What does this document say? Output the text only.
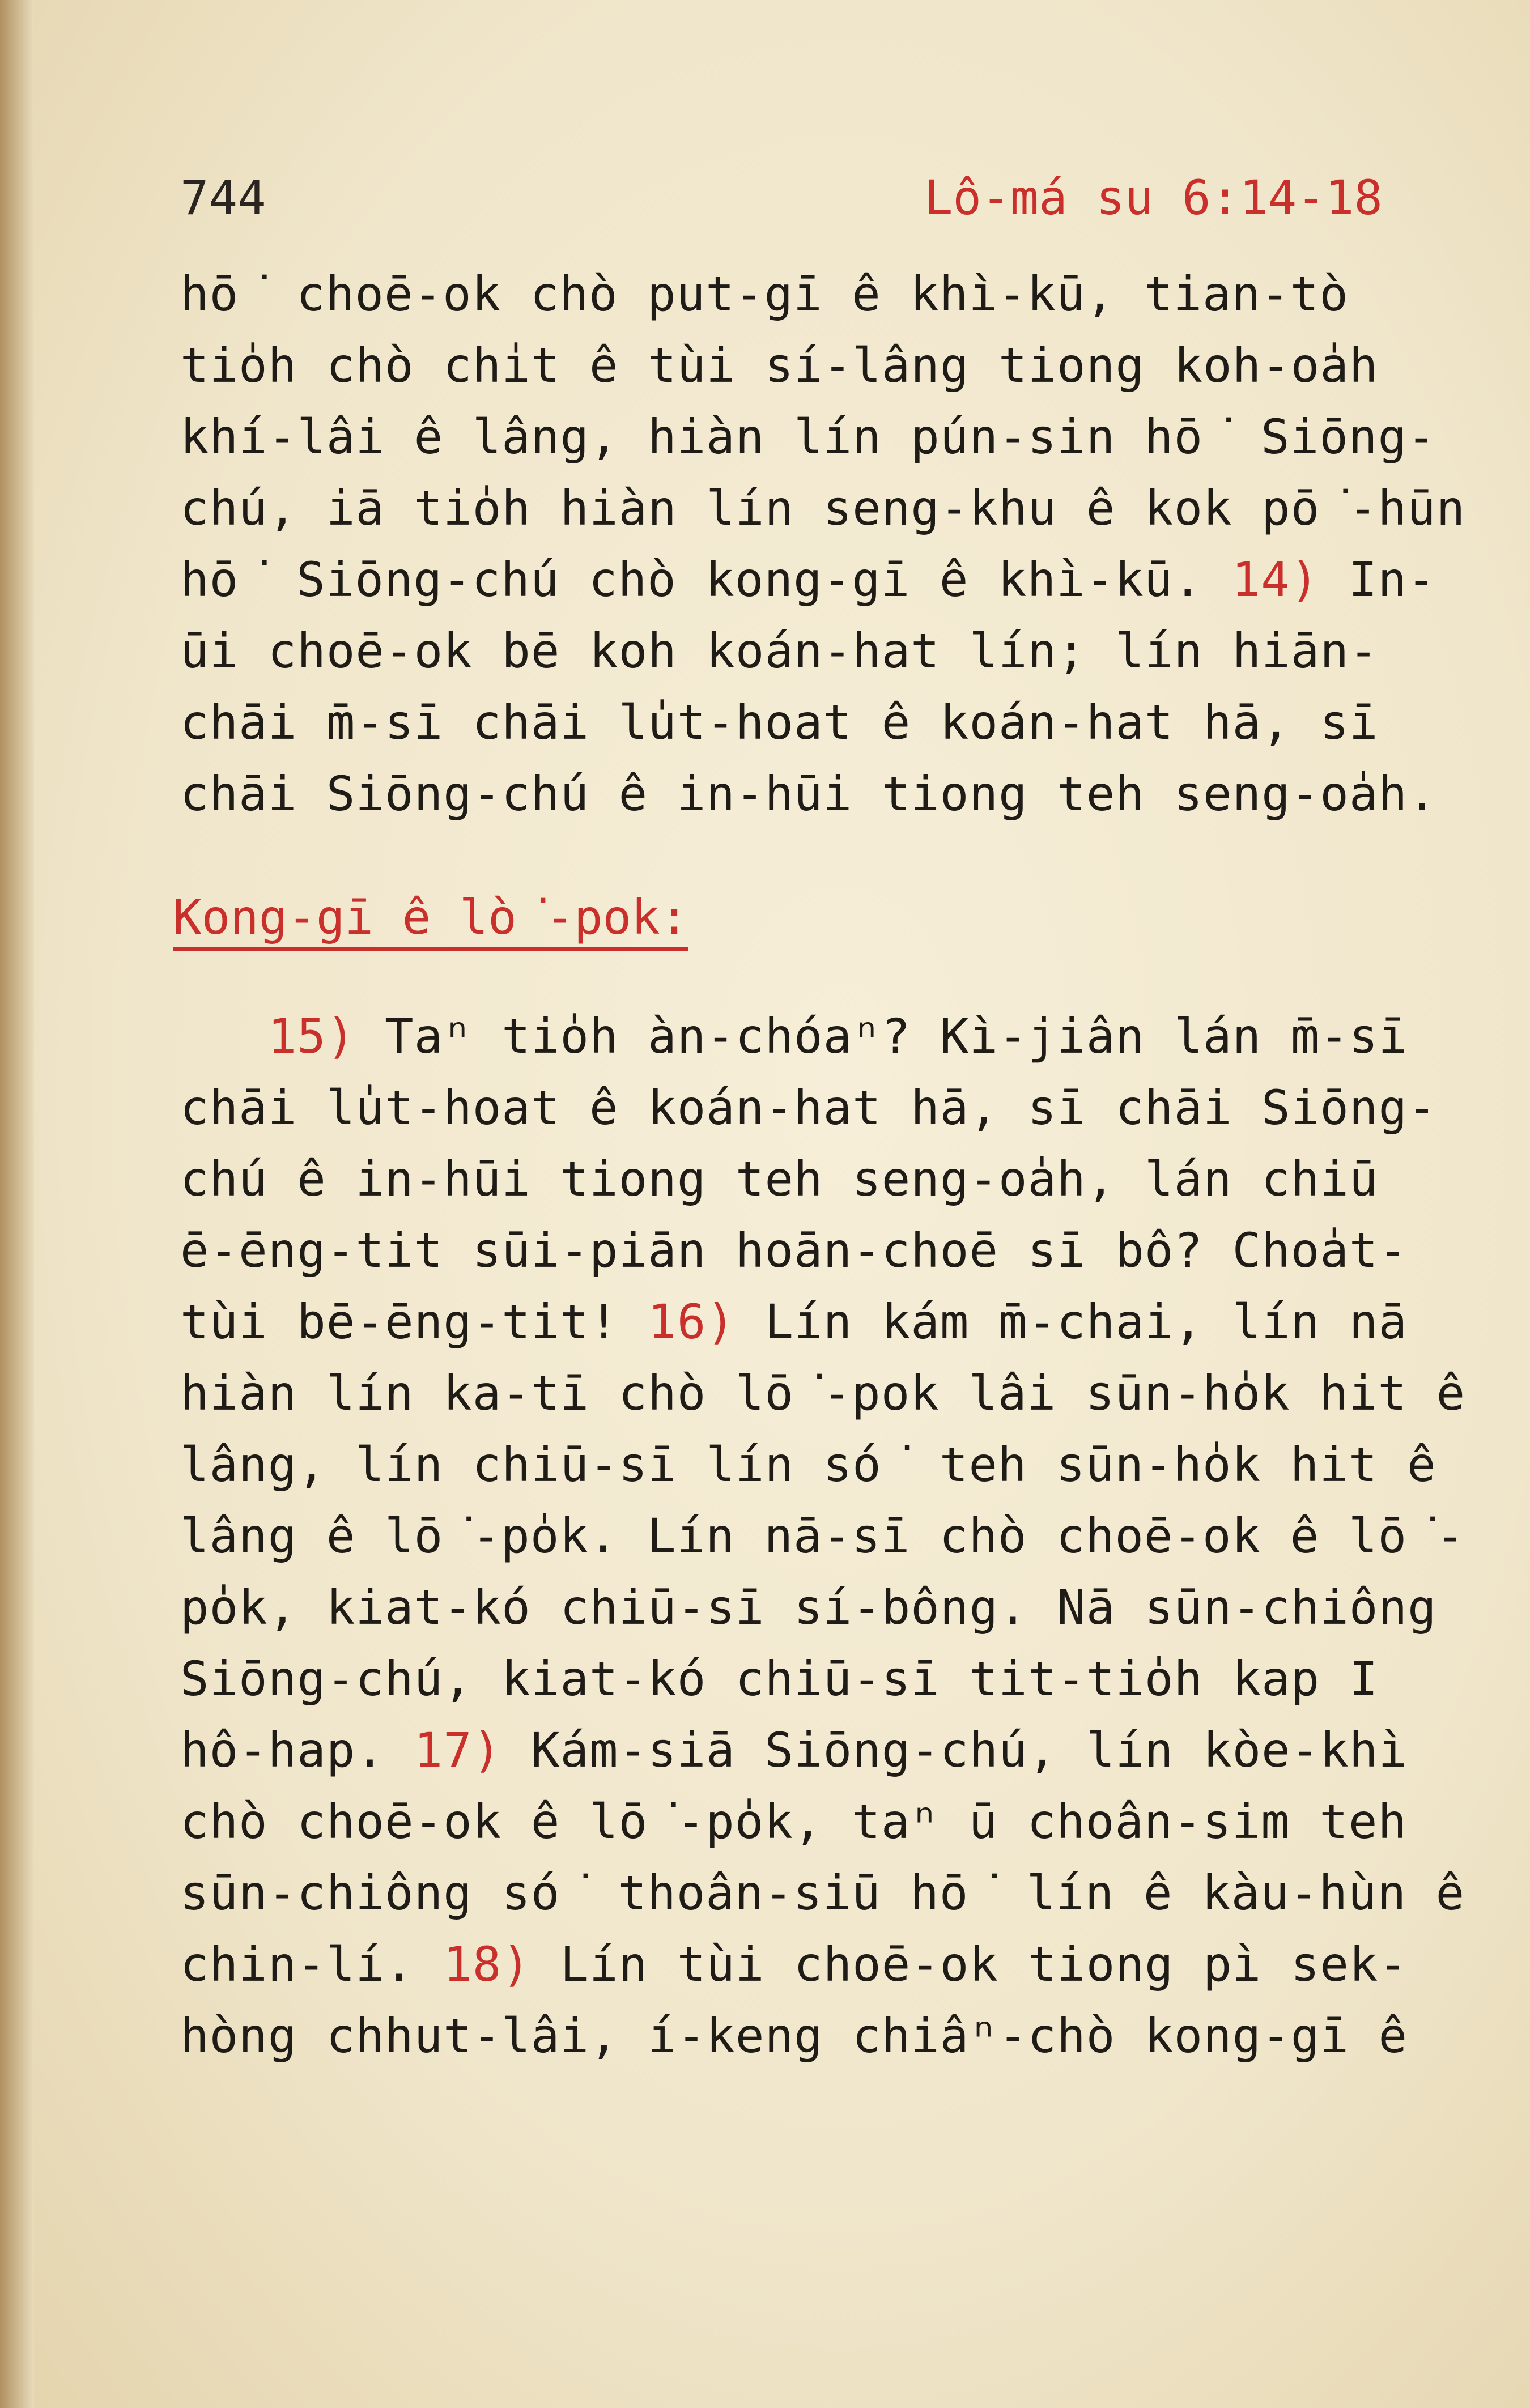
744	Lô-má su 6:14-18
hō͘ choē-ok chò put-gī ê khì-kū, tian-tò
tio̍h chò chi̍t ê tùi sí-lâng tiong koh-oa̍h
khí-lâi ê lâng, hiàn lín pún-sin hō͘ Siōng-
chú, iā tio̍h hiàn lín seng-khu ê kok pō͘-hūn
hō͘ Siōng-chú chò kong-gī ê khì-kū. 14) In-
ūi choē-ok bē koh koán-hat lín; lín hiān-
chāi m̄-sī chāi lu̍t-hoat ê koán-hat hā, sī
chāi Siōng-chú ê in-hūi tiong teh seng-oa̍h.
Kong-gī ê lò͘-pok:
15) Taⁿ tio̍h àn-chóaⁿ? Kì-jiân lán m̄-sī
chāi lu̍t-hoat ê koán-hat hā, sī chāi Siōng-
chú ê in-hūi tiong teh seng-oa̍h, lán chiū
ē-ēng-tit sūi-piān hoān-choē sī bô? Choa̍t-
tùi bē-ēng-tit! 16) Lín kám m̄-chai, lín nā
hiàn lín ka-tī chò lō͘-pok lâi sūn-ho̍k hit ê
lâng, lín chiū-sī lín só͘ teh sūn-ho̍k hit ê
lâng ê lō͘-po̍k. Lín nā-sī chò choē-ok ê lō͘-
po̍k, kiat-kó chiū-sī sí-bông. Nā sūn-chiông
Siōng-chú, kiat-kó chiū-sī tit-tio̍h kap I
hô-hap. 17) Kám-siā Siōng-chú, lín kòe-khì
chò choē-ok ê lō͘-po̍k, taⁿ ū choân-sim teh
sūn-chiông só͘ thoân-siū hō͘ lín ê kàu-hùn ê
chin-lí. 18) Lín tùi choē-ok tiong pì sek-
hòng chhut-lâi, í-keng chiâⁿ-chò kong-gī ê
